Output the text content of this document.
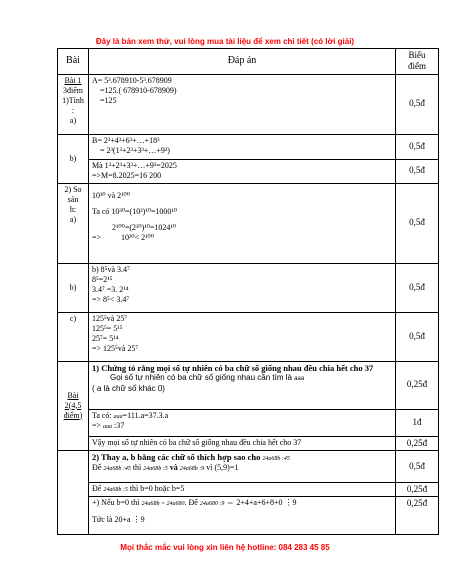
Đây là bản xem thử, vui lòng mua tài liệu để xem chi tiết (có lời giải)
Bài	Đáp án	Biểu
điểm

Bài 1
3điểm
1)Tính
:
a)	A= 5³.678910-5³.678909
=125.( 678910-678909)
=125	0,5đ
b)	B= 2³+4³+6³+…+18³
= 2³(1³+2³+3³+…+9³)	0,5đ

	Mà 1³+2³+3³+…+9³=2025
=>M=8.2025=16 200	0,5đ

2) So
sán
h:
a)	10³⁰ và 2¹⁰⁰
Ta có 10³⁰=(10³)¹⁰=1000¹⁰
2¹⁰⁰=(2¹⁰)¹⁰=1024¹⁰
=> 10³⁰< 2¹⁰⁰	0,5đ
b)	b) 8⁵và 3.4⁷
8⁵=2¹⁵
3.4⁷ =3. 2¹⁴
=> 8⁵< 3.4⁷	0,5đ
c)	125⁵và 25⁷
125⁵= 5¹⁵
25⁷= 5¹⁴
=> 125⁵và 25⁷	0,5đ

Bài
2(4,5
điểm)	1) Chứng tỏ rằng mọi số tự nhiên có ba chữ số giống nhau đều chia hết cho 37
Gọi số tự nhiên có ba chữ số giống nhau cần tìm là aaa
( a là chữ số khác 0)	0,25đ

	Ta có: aaa=111.a=37.3.a
=> aaa :37	1đ

	Vậy mọi số tự nhiên có ba chữ số giống nhau đều chia hết cho 37	0,25đ

	2) Thay a, b bằng các chữ số thích hợp sao cho 24a68b :45
Để 24a68b :45 thì 24a68b :5 và 24a68b :9 vì (5,9)=1	0,5đ

	Để 24a68b :5 thì b=0 hoặc b=5	0,25đ

	+) Nếu b=0 thì 24a68b = 24a680. Để 24a680 :9 ⇔ 2+4+a+6+8+0 ⋮9
Tức là 20+a ⋮9	0,25đ
Mọi thắc mắc vui lòng xin liên hệ hotline: 084 283 45 85
